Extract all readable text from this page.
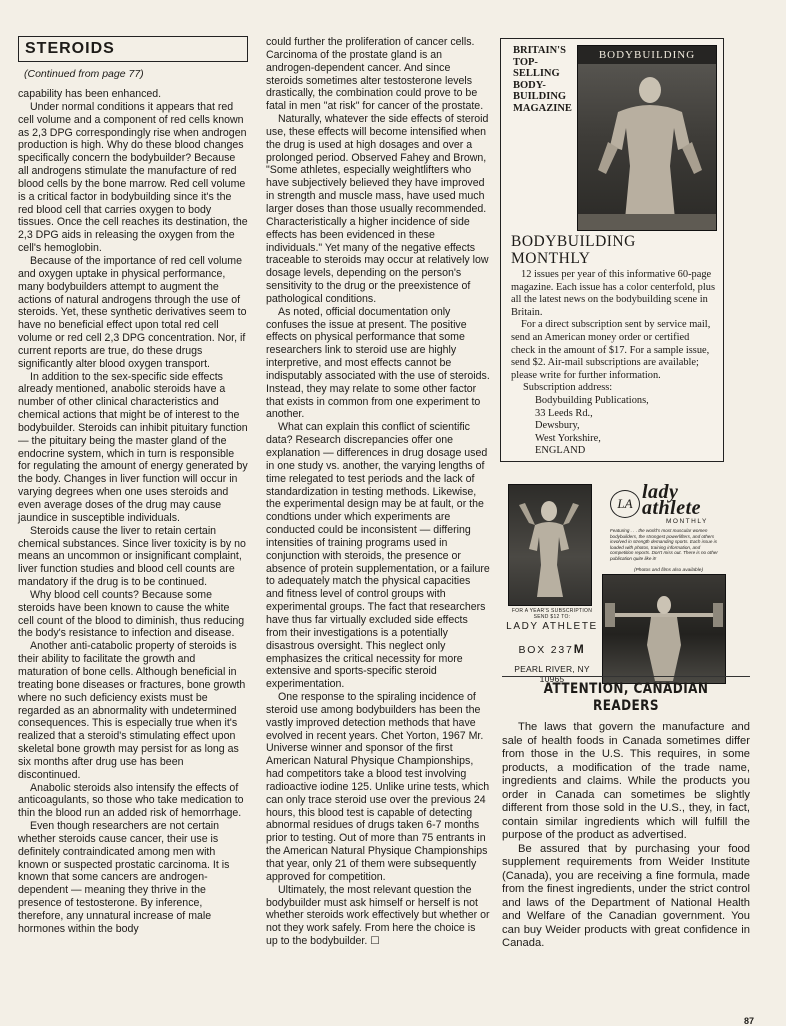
STEROIDS
(Continued from page 77)

capability has been enhanced.

Under normal conditions it appears that red cell volume and a component of red cells known as 2,3 DPG correspondingly rise when androgen production is high. Why do these blood changes specifically concern the bodybuilder? Because all androgens stimulate the manufacture of red blood cells by the bone marrow. Red cell volume is a critical factor in bodybuilding since it's the red blood cell that carries oxygen to body tissues. Once the cell reaches its destination, the 2,3 DPG aids in releasing the oxygen from the cell's hemoglobin.

Because of the importance of red cell volume and oxygen uptake in physical performance, many bodybuilders attempt to augment the actions of natural androgens through the use of steroids. Yet, these synthetic derivatives seem to have no beneficial effect upon total red cell volume or red cell 2,3 DPG concentration. Nor, if current reports are true, do these drugs significantly alter blood oxygen transport.

In addition to the sex-specific side effects already mentioned, anabolic steroids have a number of other clinical characteristics and chemical actions that might be of interest to the bodybuilder. Steroids can inhibit pituitary function — the pituitary being the master gland of the endocrine system, which in turn is responsible for regulating the amount of energy generated by the body. Changes in liver function will occur in varying degrees when one uses steroids and even average doses of the drug may cause jaundice in susceptible individuals.

Steroids cause the liver to retain certain chemical substances. Since liver toxicity is by no means an uncommon or insignificant complaint, liver function studies and blood cell counts are mandatory if the drug is to be continued.

Why blood cell counts? Because some steroids have been known to cause the white cell count of the blood to diminish, thus reducing the body's resistance to infection and disease.

Another anti-catabolic property of steroids is their ability to facilitate the growth and maturation of bone cells. Although beneficial in treating bone diseases or fractures, bone growth where no such deficiency exists must be regarded as an abnormality with undetermined consequences. This is especially true when it's realized that a steroid's stimulating effect upon skeletal bone growth may persist for as long as six months after drug use has been discontinued.

Anabolic steroids also intensify the effects of anticoagulants, so those who take medication to thin the blood run an added risk of hemorrhage.

Even though researchers are not certain whether steroids cause cancer, their use is definitely contraindicated among men with known or suspected prostatic carcinoma. It is known that some cancers are androgen-dependent — meaning they thrive in the presence of testosterone. By inference, therefore, any unnatural increase of male hormones within the body

could further the proliferation of cancer cells. Carcinoma of the prostate gland is an androgen-dependent cancer. And since steroids sometimes alter testosterone levels drastically, the combination could prove to be fatal in men "at risk" for cancer of the prostate.

Naturally, whatever the side effects of steroid use, these effects will become intensified when the drug is used at high dosages and over a prolonged period. Observed Fahey and Brown, "Some athletes, especially weightlifters who have subjectively believed they have improved in strength and muscle mass, have used much larger doses than those usually recommended. Characteristically a higher incidence of side effects has been evidenced in these individuals." Yet many of the negative effects traceable to steroids may occur at relatively low dosage levels, depending on the person's sensitivity to the drug or the preexistence of pathological conditions.

As noted, official documentation only confuses the issue at present. The positive effects on physical performance that some researchers link to steroid use are highly interpretive, and most effects cannot be indisputably associated with the use of steroids. Instead, they may relate to some other factor that exists in common from one experiment to another.

What can explain this conflict of scientific data? Research discrepancies offer one explanation — differences in drug dosage used in one study vs. another, the varying lengths of time relegated to test periods and the lack of standardization in testing methods. Likewise, the experimental design may be at fault, or the condtions under which experiments are conducted could be inconsistent — differing intensities of training programs used in conjunction with steroids, the presence or absence of protein supplementation, or a failure to adequately match the physical capacities and fitness level of control groups with experimental groups. The fact that researchers have thus far virtually excluded side effects from their investigations is a potentially disastrous oversight. This neglect only emphasizes the critical necessity for more extensive and sports-specific steroid experimentation.

One response to the spiraling incidence of steroid use among bodybuilders has been the vastly improved detection methods that have evolved in recent years. Chet Yorton, 1967 Mr. Universe winner and sponsor of the first American Natural Physique Championships, had competitors take a blood test involving radioactive iodine 125. Unlike urine tests, which can only trace steroid use over the previous 24 hours, this blood test is capable of detecting abnormal residues of drugs taken 6-7 months prior to testing. Out of more than 75 entrants in the American Natural Physique Championships that year, only 21 of them were subsequently approved for competition.

Ultimately, the most relevant question the bodybuilder must ask himself or herself is not whether steroids work effectively but whether or not they work safely. From here the choice is up to the bodybuilder. ☐

BRITAIN'S TOP-SELLING BODY-BUILDING MAGAZINE
BODYBUILDING
BODYBUILDING
MONTHLY

12 issues per year of this informative 60-page magazine. Each issue has a color centerfold, plus all the latest news on the bodybuilding scene in Britain.

For a direct subscription sent by service mail, send an American money order or certified check in the amount of $17. For a sample issue, send $2. Air-mail subscriptions are available; please write for further information.

Subscription address:
Bodybuilding Publications,
33 Leeds Rd.,
Dewsbury,
West Yorkshire,
ENGLAND
FOR A YEAR'S SUBSCRIPTION SEND $12 TO:
LADY ATHLETE
BOX 237M
PEARL RIVER, NY 10965
LA
lady athlete
MONTHLY
Featuring . . . the world's most muscular women bodybuilders, the strongest powerlifters, and others involved in strength demanding sports. Each issue is loaded with photos, training information, and competition reports. Don't miss out. There is no other publication quite like it!
(Photos and films also available)
ATTENTION, CANADIAN
READERS

The laws that govern the manufacture and sale of health foods in Canada sometimes differ from those in the U.S. This requires, in some products, a modification of the trade name, ingredients and claims. While the products you order in Canada can sometimes be slightly different from those sold in the U.S., they, in fact, contain similar ingredients which will fulfill the purpose of the product as advertised.

Be assured that by purchasing your food supplement requirements from Weider Institute (Canada), you are receiving a fine formula, made from the finest ingredients, under the strict control and laws of the Department of National Health and Welfare of the Canadian government. You can buy Weider products with great confidence in Canada.

87
